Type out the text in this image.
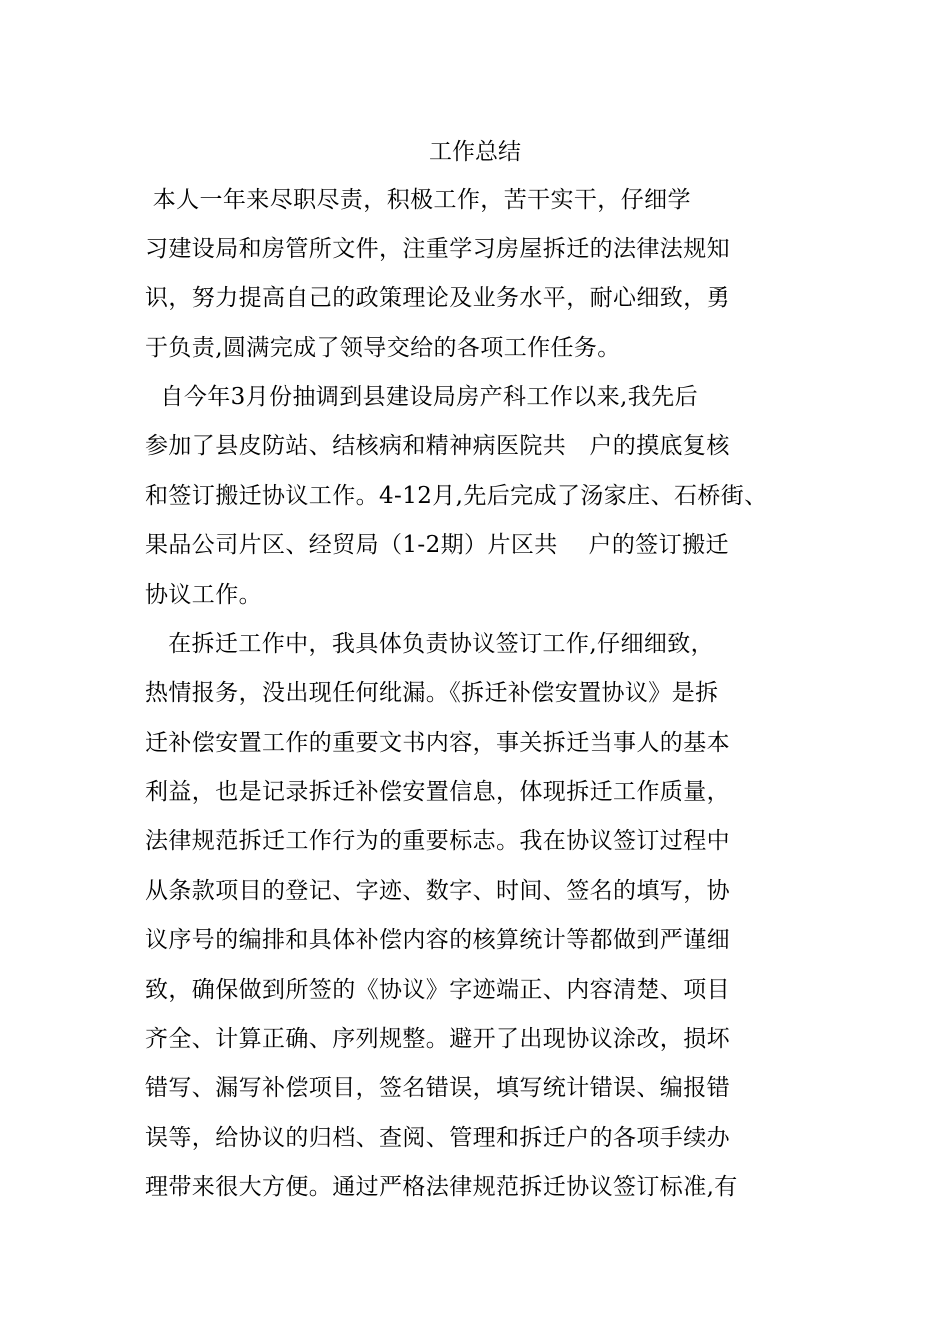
工作总结
本人一年来尽职尽责，积极工作，苦干实干，仔细学
习建设局和房管所文件，注重学习房屋拆迁的法律法规知
识，努力提高自己的政策理论及业务水平，耐心细致，勇
于负责,圆满完成了领导交给的各项工作任务。
自今年3月份抽调到县建设局房产科工作以来,我先后
参加了县皮防站、结核病和精神病医院共   户的摸底复核
和签订搬迁协议工作。4-12月,先后完成了汤家庄、石桥街、
果品公司片区、经贸局（1-2期）片区共    户的签订搬迁
协议工作。
在拆迁工作中，我具体负责协议签订工作,仔细细致，
热情报务，没出现任何纰漏。《拆迁补偿安置协议》是拆
迁补偿安置工作的重要文书内容，事关拆迁当事人的基本
利益，也是记录拆迁补偿安置信息，体现拆迁工作质量，
法律规范拆迁工作行为的重要标志。我在协议签订过程中
从条款项目的登记、字迹、数字、时间、签名的填写，协
议序号的编排和具体补偿内容的核算统计等都做到严谨细
致，确保做到所签的《协议》字迹端正、内容清楚、项目
齐全、计算正确、序列规整。避开了出现协议涂改，损坏
错写、漏写补偿项目，签名错误，填写统计错误、编报错
误等，给协议的归档、查阅、管理和拆迁户的各项手续办
理带来很大方便。通过严格法律规范拆迁协议签订标准,有
